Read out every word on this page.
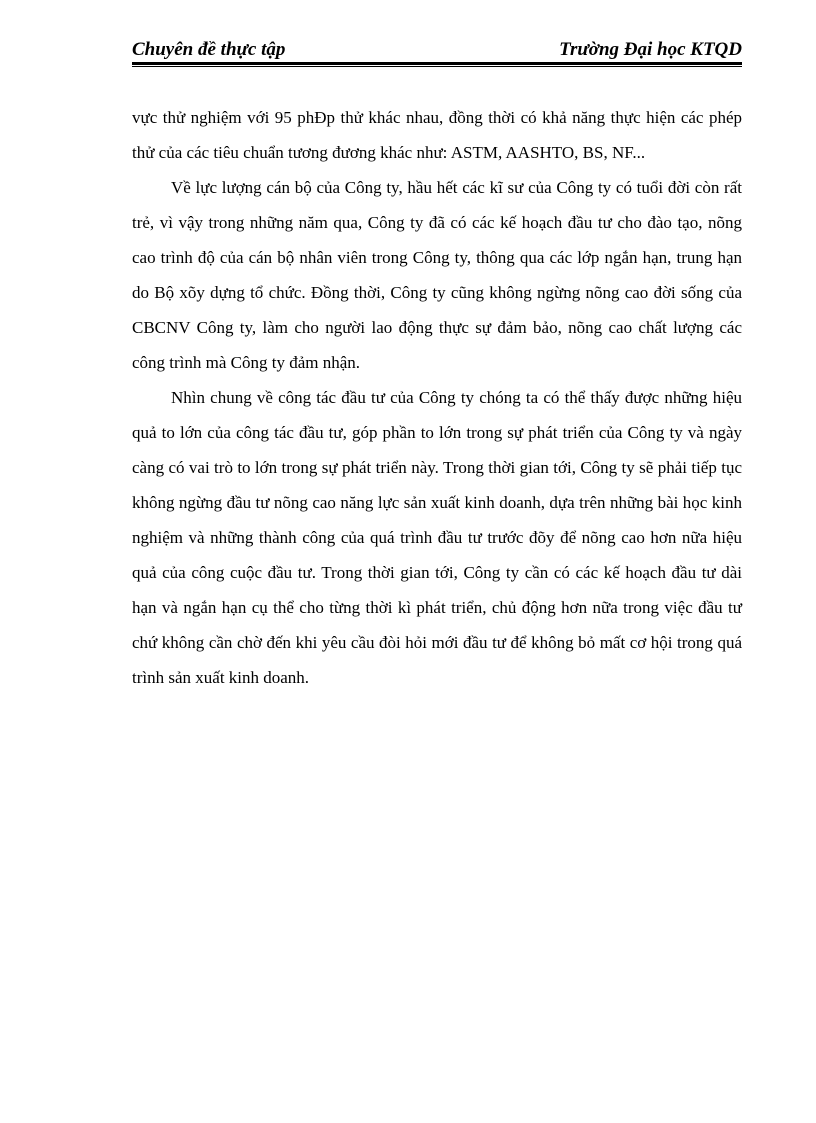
Chuyên đề thực tập	Trường Đại học KTQD

vực thử nghiệm với 95 phĐp thử khác nhau, đồng thời có khả năng thực hiện các phép thử của các tiêu chuẩn tương đương khác như: ASTM, AASHTO, BS, NF...

Về lực lượng cán bộ của Công ty, hầu hết các kĩ sư của Công ty có tuổi đời còn rất trẻ, vì vậy trong những năm qua, Công ty đã có các kế hoạch đầu tư cho đào tạo, nõng cao trình độ của cán bộ nhân viên trong Công ty, thông qua các lớp ngắn hạn, trung hạn do Bộ xõy dựng tổ chức. Đồng thời, Công ty cũng không ngừng nõng cao đời sống của CBCNV Công ty, làm cho người lao động thực sự đảm bảo, nõng cao chất lượng các công trình mà Công ty đảm nhận.

Nhìn chung về công tác đầu tư của Công ty chóng ta có thể thấy được những hiệu quả to lớn của công tác đầu tư, góp phần to lớn trong sự phát triển của Công ty và ngày càng có vai trò to lớn trong sự phát triển này. Trong thời gian tới, Công ty sẽ phải tiếp tục không ngừng đầu tư nõng cao năng lực sản xuất kinh doanh, dựa trên những bài học kinh nghiệm và những thành công của quá trình đầu tư trước đõy để nõng cao hơn nữa hiệu quả của công cuộc đầu tư. Trong thời gian tới, Công ty cần có các kế hoạch đầu tư dài hạn và ngắn hạn cụ thể cho từng thời kì phát triển, chủ động hơn nữa trong việc đầu tư chứ không cần chờ đến khi yêu cầu đòi hỏi mới đầu tư để không bỏ mất cơ hội trong quá trình sản xuất kinh doanh.
